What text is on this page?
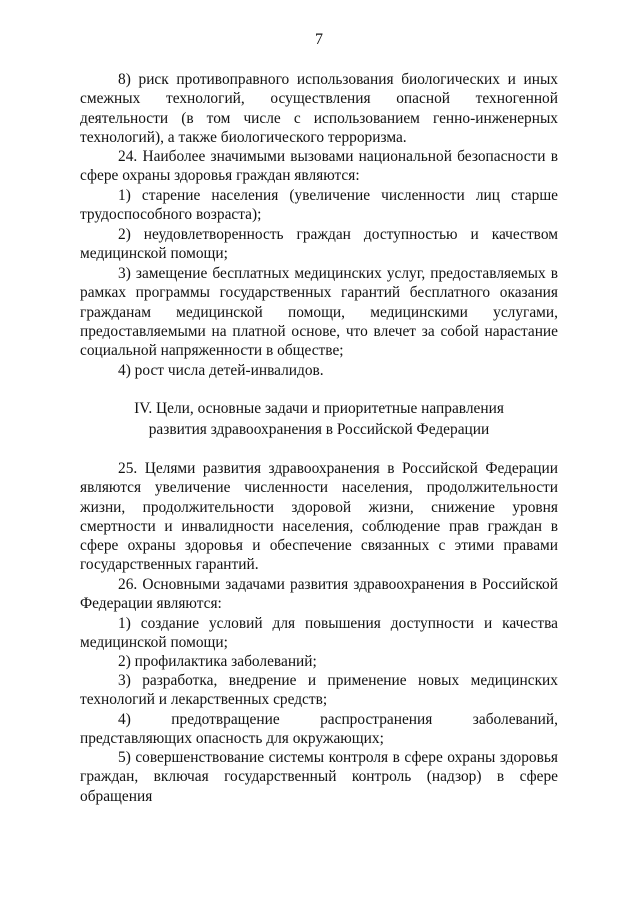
7

8) риск противоправного использования биологических и иных смежных технологий, осуществления опасной техногенной деятельности (в том числе с использованием генно-инженерных технологий), а также биологического терроризма.

24. Наиболее значимыми вызовами национальной безопасности в сфере охраны здоровья граждан являются:

1) старение населения (увеличение численности лиц старше трудоспособного возраста);

2) неудовлетворенность граждан доступностью и качеством медицинской помощи;

3) замещение бесплатных медицинских услуг, предоставляемых в рамках программы государственных гарантий бесплатного оказания гражданам медицинской помощи, медицинскими услугами, предоставляемыми на платной основе, что влечет за собой нарастание социальной напряженности в обществе;

4) рост числа детей-инвалидов.

IV. Цели, основные задачи и приоритетные направления

развития здравоохранения в Российской Федерации

25. Целями развития здравоохранения в Российской Федерации являются увеличение численности населения, продолжительности жизни, продолжительности здоровой жизни, снижение уровня смертности и инвалидности населения, соблюдение прав граждан в сфере охраны здоровья и обеспечение связанных с этими правами государственных гарантий.

26. Основными задачами развития здравоохранения в Российской Федерации являются:

1) создание условий для повышения доступности и качества медицинской помощи;

2) профилактика заболеваний;

3) разработка, внедрение и применение новых медицинских технологий и лекарственных средств;

4) предотвращение распространения заболеваний, представляющих опасность для окружающих;

5) совершенствование системы контроля в сфере охраны здоровья граждан, включая государственный контроль (надзор) в сфере обращения
